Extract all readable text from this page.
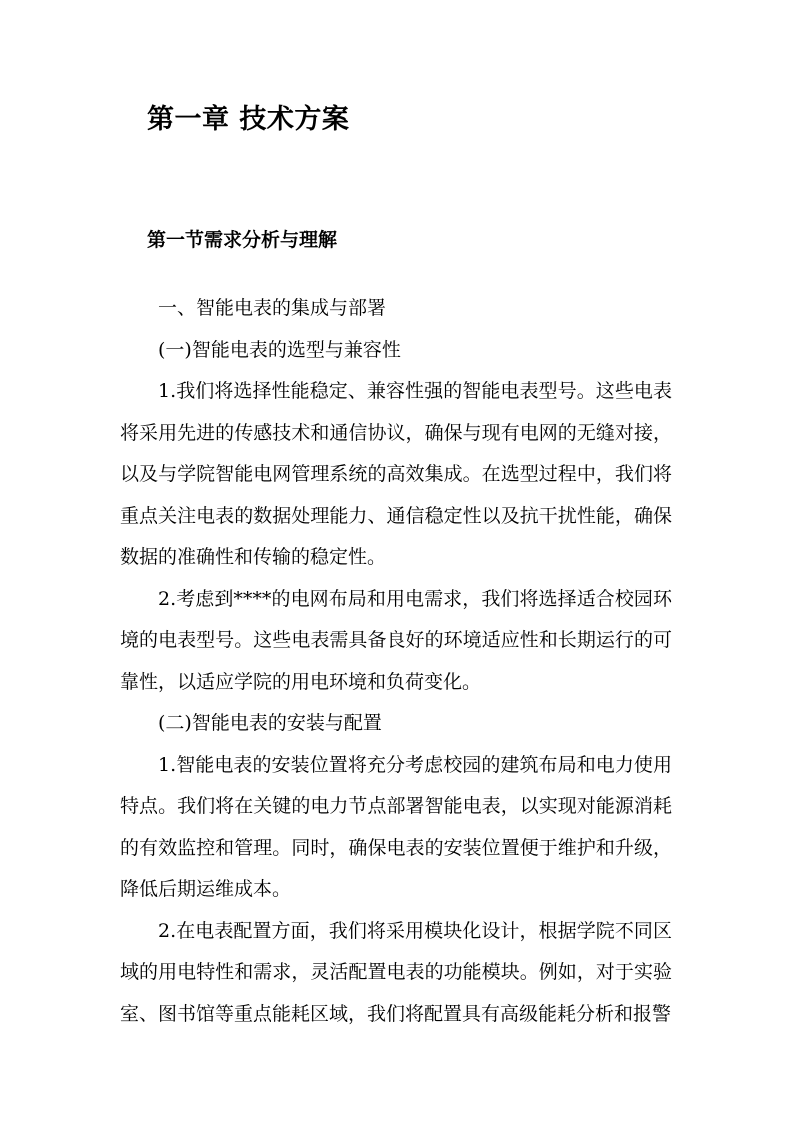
第一章 技术方案
第一节需求分析与理解

一、智能电表的集成与部署

(一)智能电表的选型与兼容性

1.我们将选择性能稳定、兼容性强的智能电表型号。这些电表将采用先进的传感技术和通信协议，确保与现有电网的无缝对接，以及与学院智能电网管理系统的高效集成。在选型过程中，我们将重点关注电表的数据处理能力、通信稳定性以及抗干扰性能，确保数据的准确性和传输的稳定性。

2.考虑到****的电网布局和用电需求，我们将选择适合校园环境的电表型号。这些电表需具备良好的环境适应性和长期运行的可靠性，以适应学院的用电环境和负荷变化。

(二)智能电表的安装与配置

1.智能电表的安装位置将充分考虑校园的建筑布局和电力使用特点。我们将在关键的电力节点部署智能电表，以实现对能源消耗的有效监控和管理。同时，确保电表的安装位置便于维护和升级，降低后期运维成本。

2.在电表配置方面，我们将采用模块化设计，根据学院不同区域的用电特性和需求，灵活配置电表的功能模块。例如，对于实验室、图书馆等重点能耗区域，我们将配置具有高级能耗分析和报警
